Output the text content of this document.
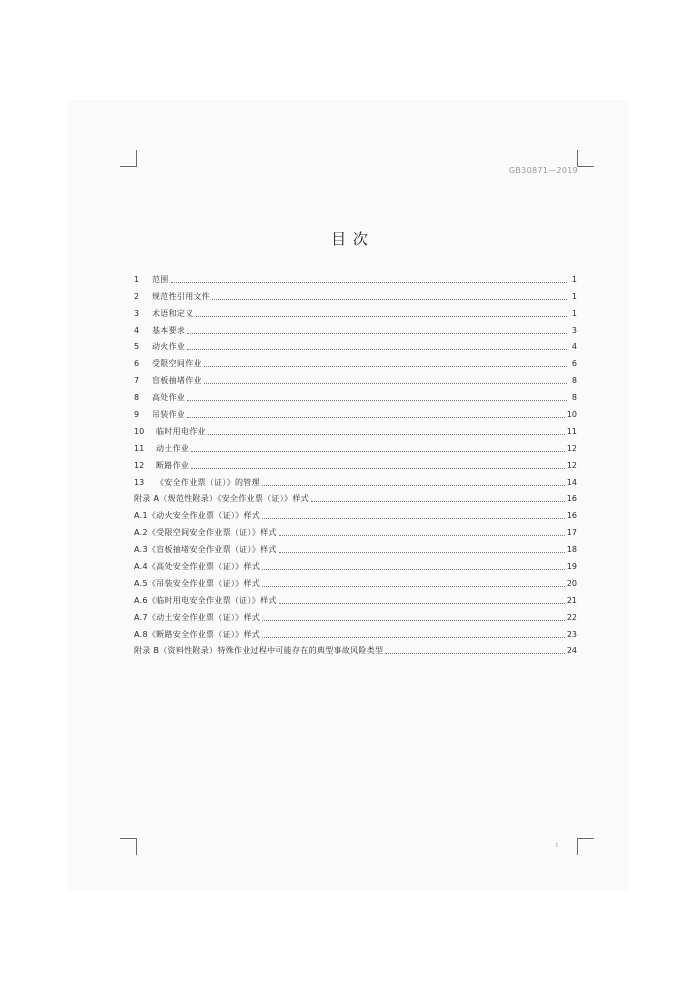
GB30871—2019
目 次
1	范围	1
2	规范性引用文件	1
3	术语和定义	1
4	基本要求	3
5	动火作业	4
6	受限空间作业	6
7	盲板抽堵作业	8
8	高处作业	8
9	吊装作业	10
10	临时用电作业	11
11	动土作业	12
12	断路作业	12
13	《安全作业票（证）》的管理	14
附录 A（规范性附录）《安全作业票（证）》样式	16
A.1《动火安全作业票（证）》样式	16
A.2《受限空间安全作业票（证）》样式	17
A.3《盲板抽堵安全作业票（证）》样式	18
A.4《高处安全作业票（证）》样式	19
A.5《吊装安全作业票（证）》样式	20
A.6《临时用电安全作业票（证）》样式	21
A.7《动土安全作业票（证）》样式	22
A.8《断路安全作业票（证）》样式	23
附录 B（资料性附录）特殊作业过程中可能存在的典型事故风险类型	24
I
